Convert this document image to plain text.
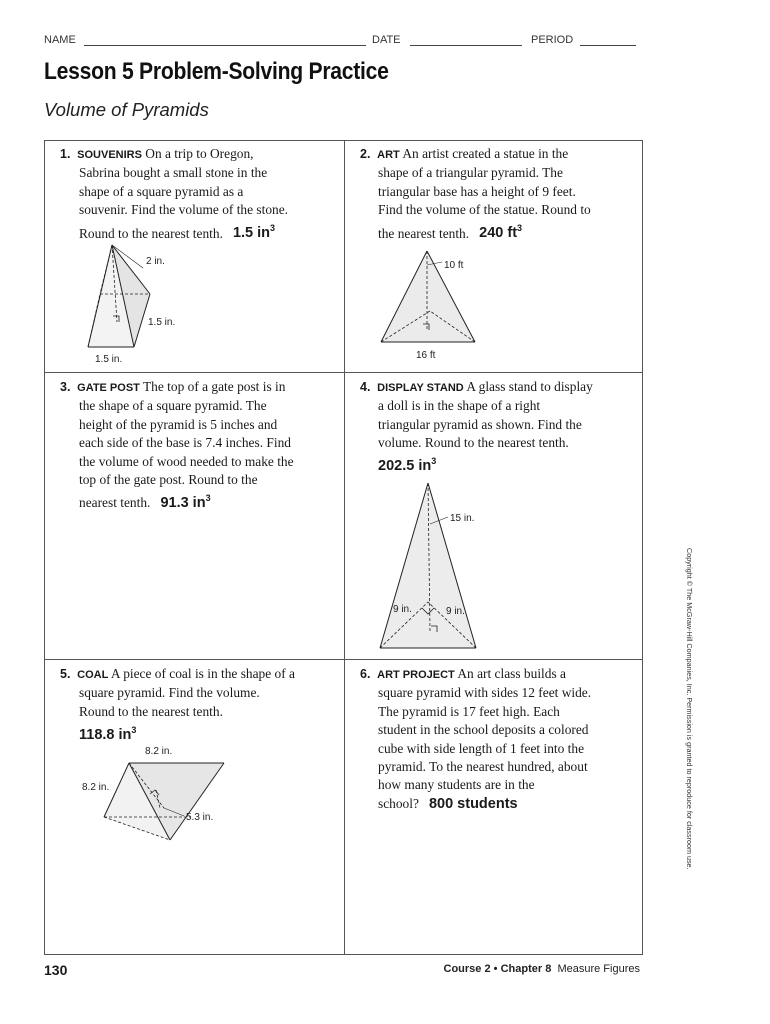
NAME	DATE	PERIOD
Lesson 5 Problem-Solving Practice
Volume of Pyramids
1. SOUVENIRS On a trip to Oregon,
Sabrina bought a small stone in the
shape of a square pyramid as a
souvenir. Find the volume of the stone.
Round to the nearest tenth. 1.5 $in^3$
2 in.
1.5 in.
1.5 in.
2. ART An artist created a statue in the
shape of a triangular pyramid. The
triangular base has a height of 9 feet.
Find the volume of the statue. Round to
the nearest tenth. 240 $ft^3$
10 ft
16 ft
3. GATE POST The top of a gate post is in
the shape of a square pyramid. The
height of the pyramid is 5 inches and
each side of the base is 7.4 inches. Find
the volume of wood needed to make the
top of the gate post. Round to the
nearest tenth. 91.3 $in^3$
4. DISPLAY STAND A glass stand to display
a doll is in the shape of a right
triangular pyramid as shown. Find the
volume. Round to the nearest tenth.
202.5 $in^3$
15 in.
9 in.	9 in.
5. COAL A piece of coal is in the shape of a
square pyramid. Find the volume.
Round to the nearest tenth.
118.8 $in^3$
8.2 in.
8.2 in.
5.3 in.
6. ART PROJECT An art class builds a
square pyramid with sides 12 feet wide.
The pyramid is 17 feet high. Each
student in the school deposits a colored
cube with side length of 1 feet into the
pyramid. To the nearest hundred, about
how many students are in the
school? 800 students	Copyright © The McGraw-Hill Companies, Inc. Permission is granted to reproduce for classroom use.
130	Course 2 • Chapter 8 Measure Figures
